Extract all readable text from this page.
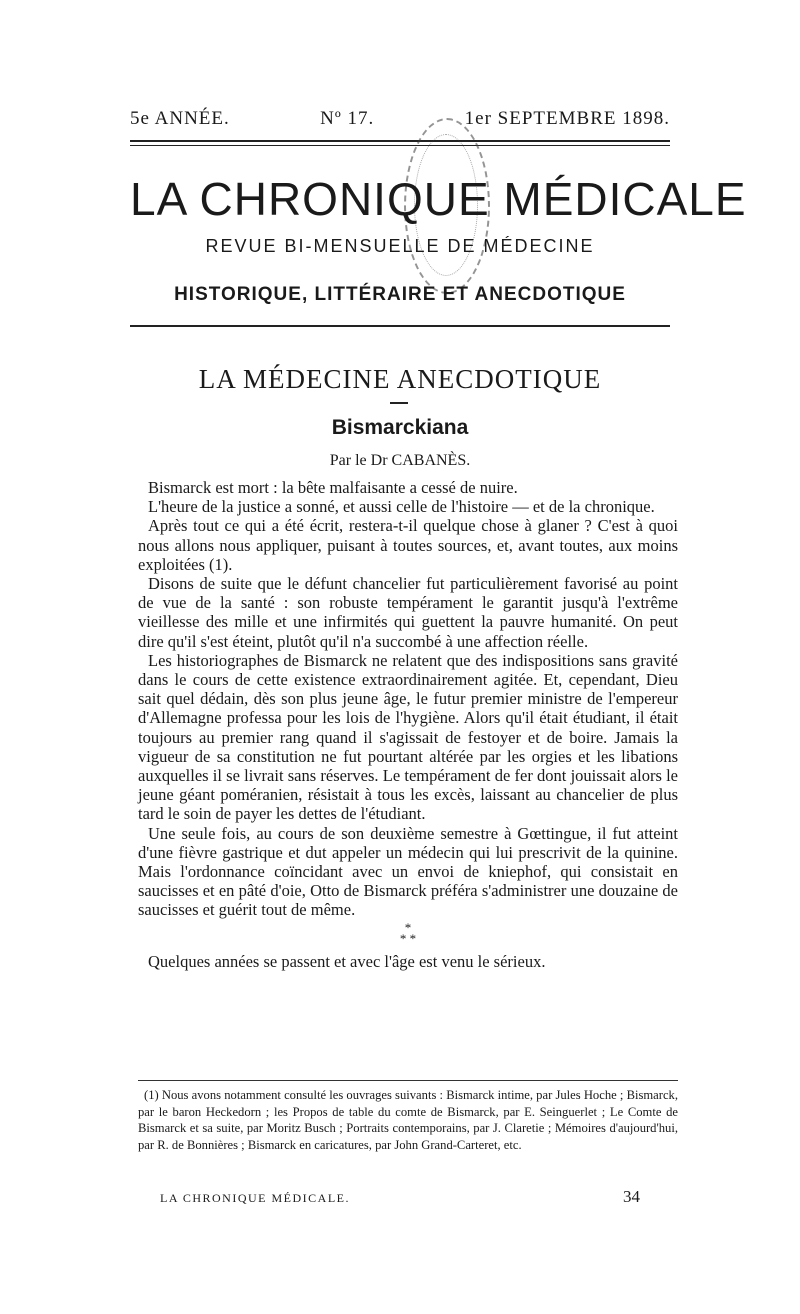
5e ANNÉE.	Nº 17.	1er SEPTEMBRE 1898.
LA CHRONIQUE MÉDICALE
REVUE BI-MENSUELLE DE MÉDECINE
HISTORIQUE, LITTÉRAIRE ET ANECDOTIQUE
LA MÉDECINE ANECDOTIQUE
Bismarckiana
Par le Dr CABANÈS.

Bismarck est mort : la bête malfaisante a cessé de nuire.

L'heure de la justice a sonné, et aussi celle de l'histoire — et de la chronique.

Après tout ce qui a été écrit, restera-t-il quelque chose à glaner ? C'est à quoi nous allons nous appliquer, puisant à toutes sources, et, avant toutes, aux moins exploitées (1).

Disons de suite que le défunt chancelier fut particulièrement favorisé au point de vue de la santé : son robuste tempérament le garantit jusqu'à l'extrême vieillesse des mille et une infirmités qui guettent la pauvre humanité. On peut dire qu'il s'est éteint, plutôt qu'il n'a succombé à une affection réelle.

Les historiographes de Bismarck ne relatent que des indispositions sans gravité dans le cours de cette existence extraordinairement agitée. Et, cependant, Dieu sait quel dédain, dès son plus jeune âge, le futur premier ministre de l'empereur d'Allemagne professa pour les lois de l'hygiène. Alors qu'il était étudiant, il était toujours au premier rang quand il s'agissait de festoyer et de boire. Jamais la vigueur de sa constitution ne fut pourtant altérée par les orgies et les libations auxquelles il se livrait sans réserves. Le tempérament de fer dont jouissait alors le jeune géant poméranien, résistait à tous les excès, laissant au chancelier de plus tard le soin de payer les dettes de l'étudiant.

Une seule fois, au cours de son deuxième semestre à Gœttingue, il fut atteint d'une fièvre gastrique et dut appeler un médecin qui lui prescrivit de la quinine. Mais l'ordonnance coïncidant avec un envoi de kniephof, qui consistait en saucisses et en pâté d'oie, Otto de Bismarck préféra s'administrer une douzaine de saucisses et guérit tout de même.

*
* *

Quelques années se passent et avec l'âge est venu le sérieux.

(1) Nous avons notamment consulté les ouvrages suivants : Bismarck intime, par Jules Hoche ; Bismarck, par le baron Heckedorn ; les Propos de table du comte de Bismarck, par E. Seinguerlet ; Le Comte de Bismarck et sa suite, par Moritz Busch ; Portraits contemporains, par J. Claretie ; Mémoires d'aujourd'hui, par R. de Bonnières ; Bismarck en caricatures, par John Grand-Carteret, etc.

LA CHRONIQUE MÉDICALE.	34
